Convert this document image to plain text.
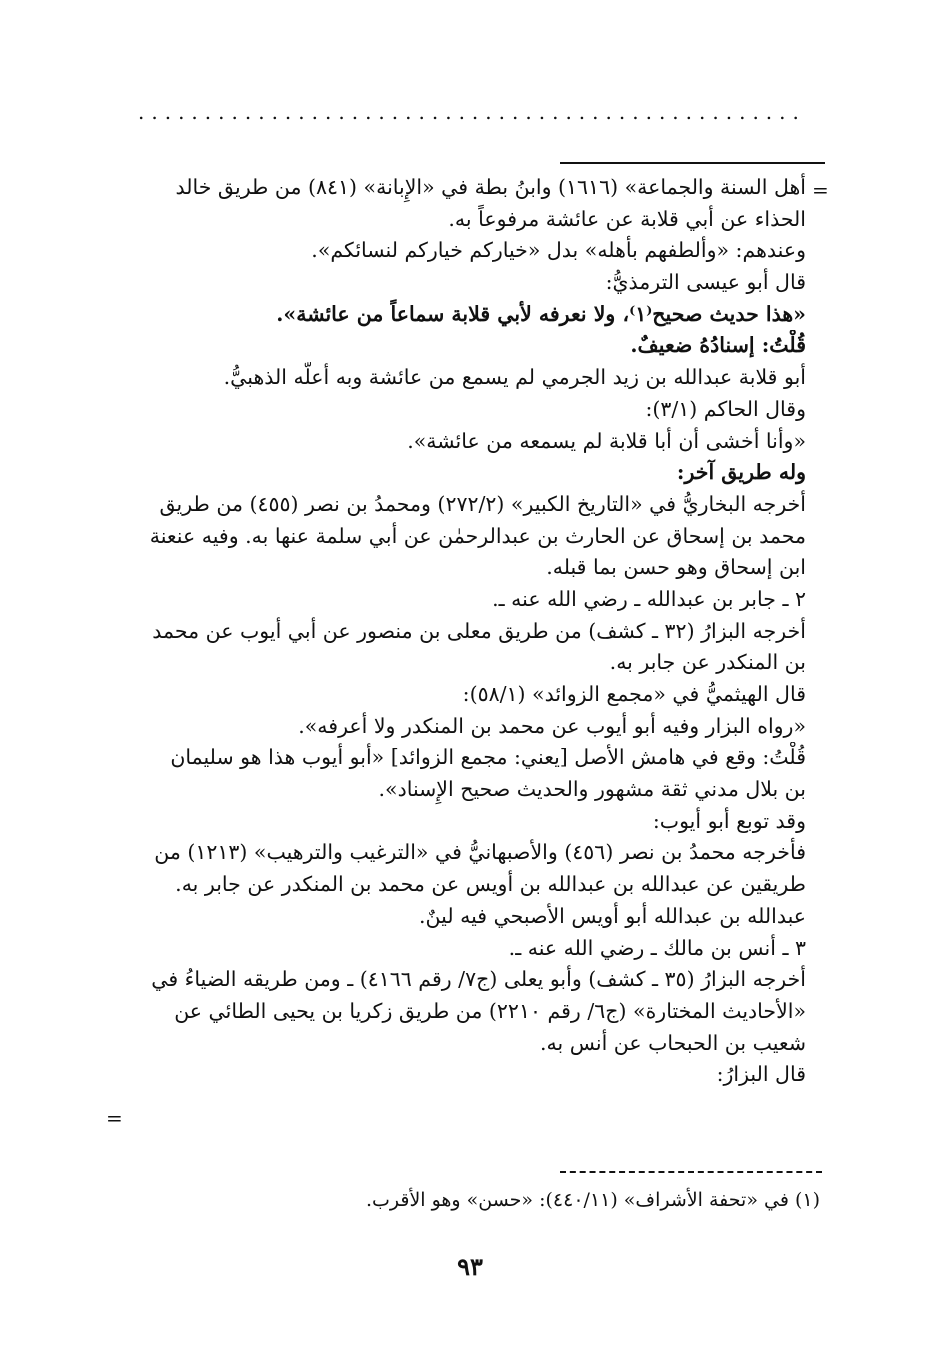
..................................................
=
=
أهل السنة والجماعة» (١٦١٦) وابنُ بطة في «الإِبانة» (٨٤١) من طريق خالد
الحذاء عن أبي قلابة عن عائشة مرفوعاً به.
وعندهم: «وألطفهم بأهله» بدل «خياركم خياركم لنسائكم».
قال أبو عيسى الترمذيُّ:
«هذا حديث صحيح⁽١⁾، ولا نعرفه لأبي قلابة سماعاً من عائشة».
قُلْتُ: إسنادُهُ ضعيفٌ.
أبو قلابة عبدالله بن زيد الجرمي لم يسمع من عائشة وبه أعلَّه الذهبيُّ.
وقال الحاكم (٣/١):
«وأنا أخشى أن أبا قلابة لم يسمعه من عائشة».
وله طريق آخر:
أخرجه البخاريُّ في «التاريخ الكبير» (٢٧٢/٢) ومحمدُ بن نصر (٤٥٥) من طريق
محمد بن إسحاق عن الحارث بن عبدالرحمٰن عن أبي سلمة عنها به. وفيه عنعنة
ابن إسحاق وهو حسن بما قبله.
٢ ـ جابر بن عبدالله ـ رضي الله عنه ـ.
أخرجه البزارُ (٣٢ ـ كشف) من طريق معلى بن منصور عن أبي أيوب عن محمد
بن المنكدر عن جابر به.
قال الهيثميُّ في «مجمع الزوائد» (٥٨/١):
«رواه البزار وفيه أبو أيوب عن محمد بن المنكدر ولا أعرفه».
قُلْتُ: وقع في هامش الأصل [يعني: مجمع الزوائد] «أبو أيوب هذا هو سليمان
بن بلال مدني ثقة مشهور والحديث صحيح الإِسناد».
وقد توبع أبو أيوب:
فأخرجه محمدُ بن نصر (٤٥٦) والأصبهانيُّ في «الترغيب والترهيب» (١٢١٣) من
طريقين عن عبدالله بن عبدالله بن أويس عن محمد بن المنكدر عن جابر به.
عبدالله بن عبدالله أبو أويس الأصبحي فيه لينٌ.
٣ ـ أنس بن مالك ـ رضي الله عنه ـ.
أخرجه البزارُ (٣٥ ـ كشف) وأبو يعلى (ج٧/ رقم ٤١٦٦) ـ ومن طريقه الضياءُ في
«الأحاديث المختارة» (ج٦/ رقم ٢٢١٠) من طريق زكريا بن يحيى الطائي عن
شعيب بن الحبحاب عن أنس به.
قال البزارُ:
(١) في «تحفة الأشراف» (٤٤٠/١١): «حسن» وهو الأقرب.
٩٣
